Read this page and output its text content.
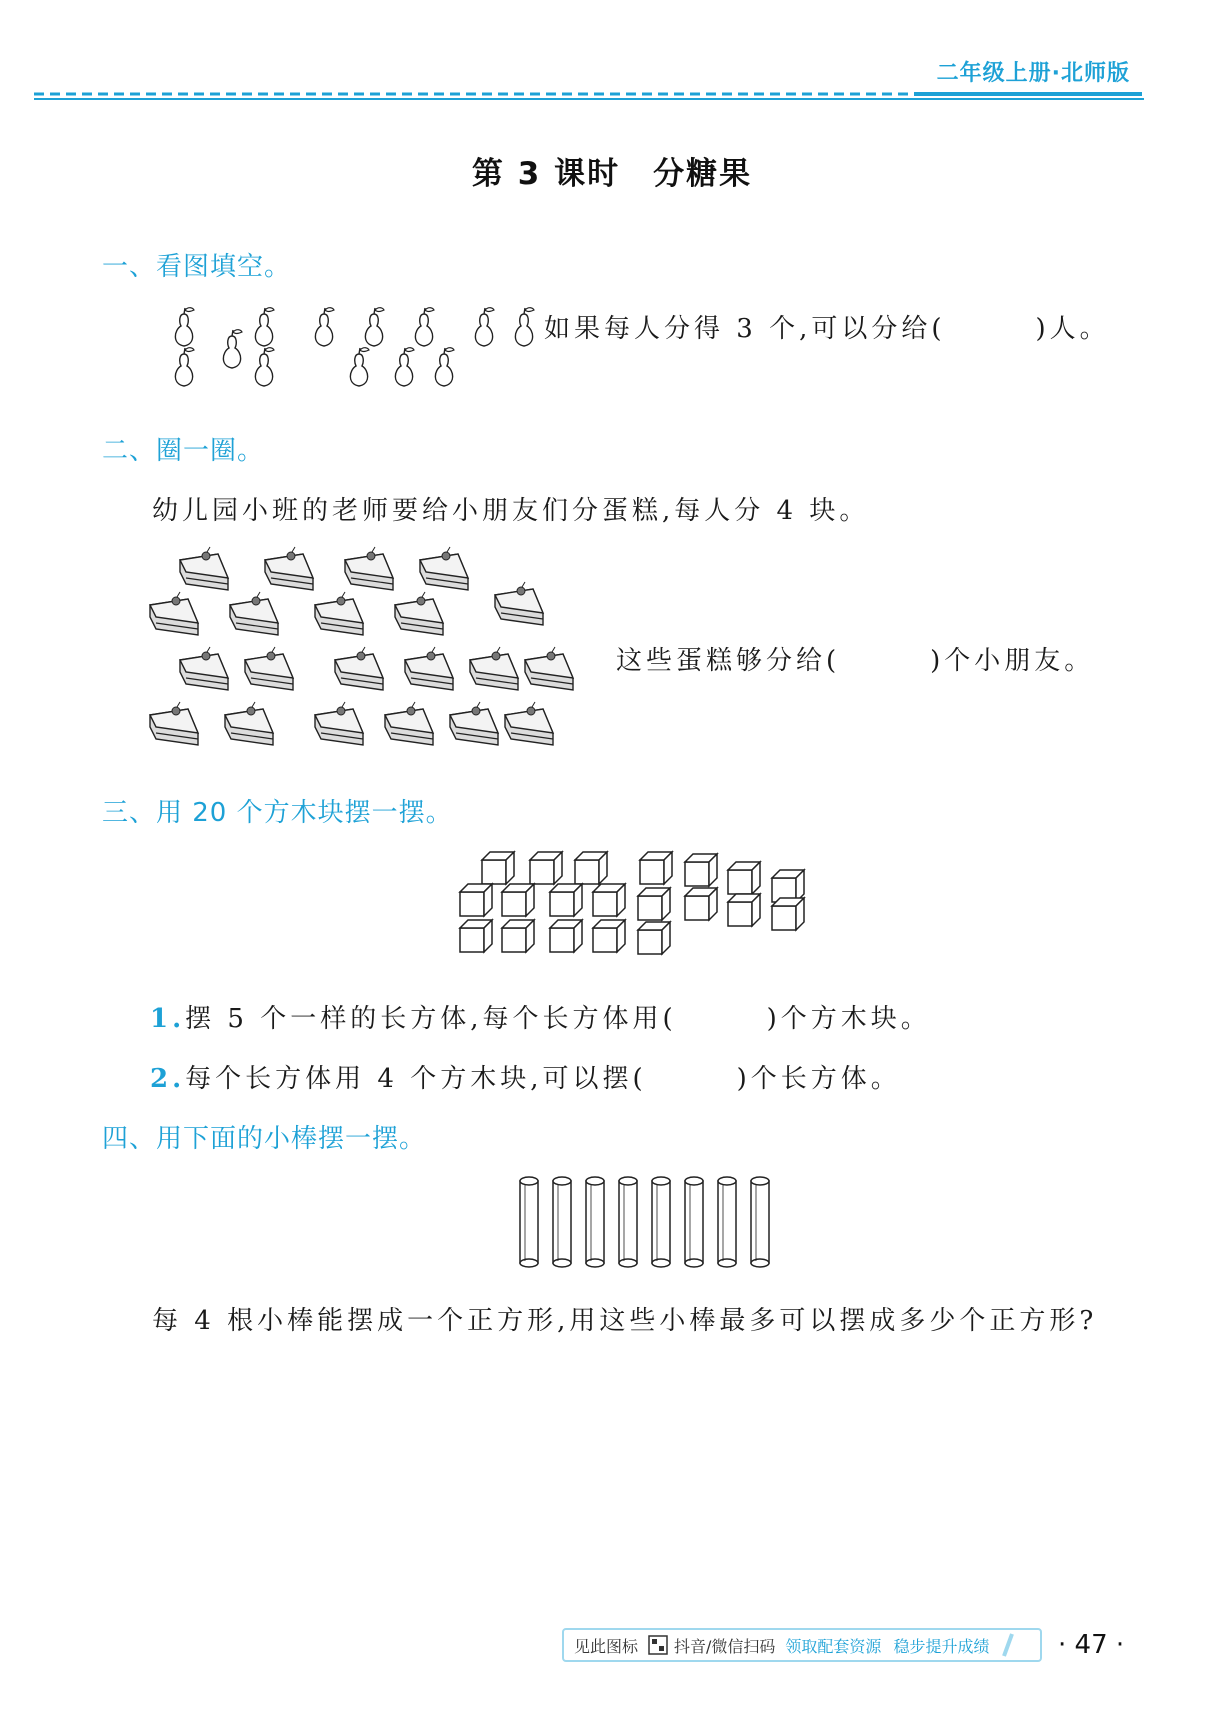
二年级上册·北师版
第 3 课时　分糖果
一、看图填空。
如果每人分得 3 个,可以分给(　　　)人。
二、圈一圈。
幼儿园小班的老师要给小朋友们分蛋糕,每人分 4 块。
这些蛋糕够分给(　　　)个小朋友。
三、用 20 个方木块摆一摆。
1.摆 5 个一样的长方体,每个长方体用(　　　)个方木块。
2.每个长方体用 4 个方木块,可以摆(　　　)个长方体。
四、用下面的小棒摆一摆。
每 4 根小棒能摆成一个正方形,用这些小棒最多可以摆成多少个正方形?
见此图标 抖音/微信扫码 领取配套资源 稳步提升成绩	· 47 ·
